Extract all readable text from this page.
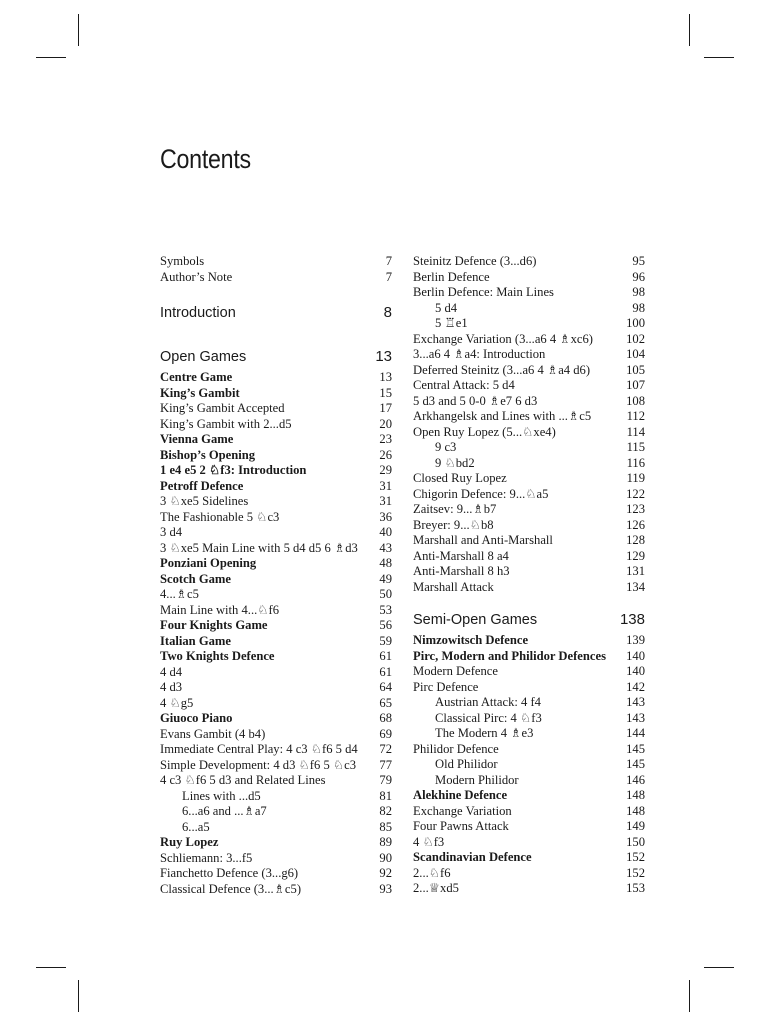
Contents
Symbols	7
Author’s Note	7
Introduction	8
Open Games	13
Centre Game	13
King’s Gambit	15
King’s Gambit Accepted	17
King’s Gambit with 2...d5	20
Vienna Game	23
Bishop’s Opening	26
1 e4 e5 2 ♘f3: Introduction	29
Petroff Defence	31
3 ♘xe5 Sidelines	31
The Fashionable 5 ♘c3	36
3 d4	40
3 ♘xe5 Main Line with 5 d4 d5 6 ♗d3 43
Ponziani Opening	48
Scotch Game	49
4...♗c5	50
Main Line with 4...♘f6	53
Four Knights Game	56
Italian Game	59
Two Knights Defence	61
4 d4	61
4 d3	64
4 ♘g5	65
Giuoco Piano	68
Evans Gambit (4 b4)	69
Immediate Central Play: 4 c3 ♘f6 5 d4 72
Simple Development: 4 d3 ♘f6 5 ♘c3 77
4 c3 ♘f6 5 d3 and Related Lines	79
Lines with ...d5	81
6...a6 and ...♗a7	82
6...a5	85
Ruy Lopez	89
Schliemann: 3...f5	90
Fianchetto Defence (3...g6)	92
Classical Defence (3...♗c5)	93
Steinitz Defence (3...d6)	95
Berlin Defence	96
Berlin Defence: Main Lines	98
5 d4	98
5 ♖e1	100
Exchange Variation (3...a6 4 ♗xc6)	102
3...a6 4 ♗a4: Introduction	104
Deferred Steinitz (3...a6 4 ♗a4 d6)	105
Central Attack: 5 d4	107
5 d3 and 5 0-0 ♗e7 6 d3	108
Arkhangelsk and Lines with ...♗c5	112
Open Ruy Lopez (5...♘xe4)	114
9 c3	115
9 ♘bd2	116
Closed Ruy Lopez	119
Chigorin Defence: 9...♘a5	122
Zaitsev: 9...♗b7	123
Breyer: 9...♘b8	126
Marshall and Anti-Marshall	128
Anti-Marshall 8 a4	129
Anti-Marshall 8 h3	131
Marshall Attack	134
Semi-Open Games	138
Nimzowitsch Defence	139
Pirc, Modern and Philidor Defences 140
Modern Defence	140
Pirc Defence	142
Austrian Attack: 4 f4	143
Classical Pirc: 4 ♘f3	143
The Modern 4 ♗e3	144
Philidor Defence	145
Old Philidor	145
Modern Philidor	146
Alekhine Defence	148
Exchange Variation	148
Four Pawns Attack	149
4 ♘f3	150
Scandinavian Defence	152
2...♘f6	152
2...♕xd5	153
